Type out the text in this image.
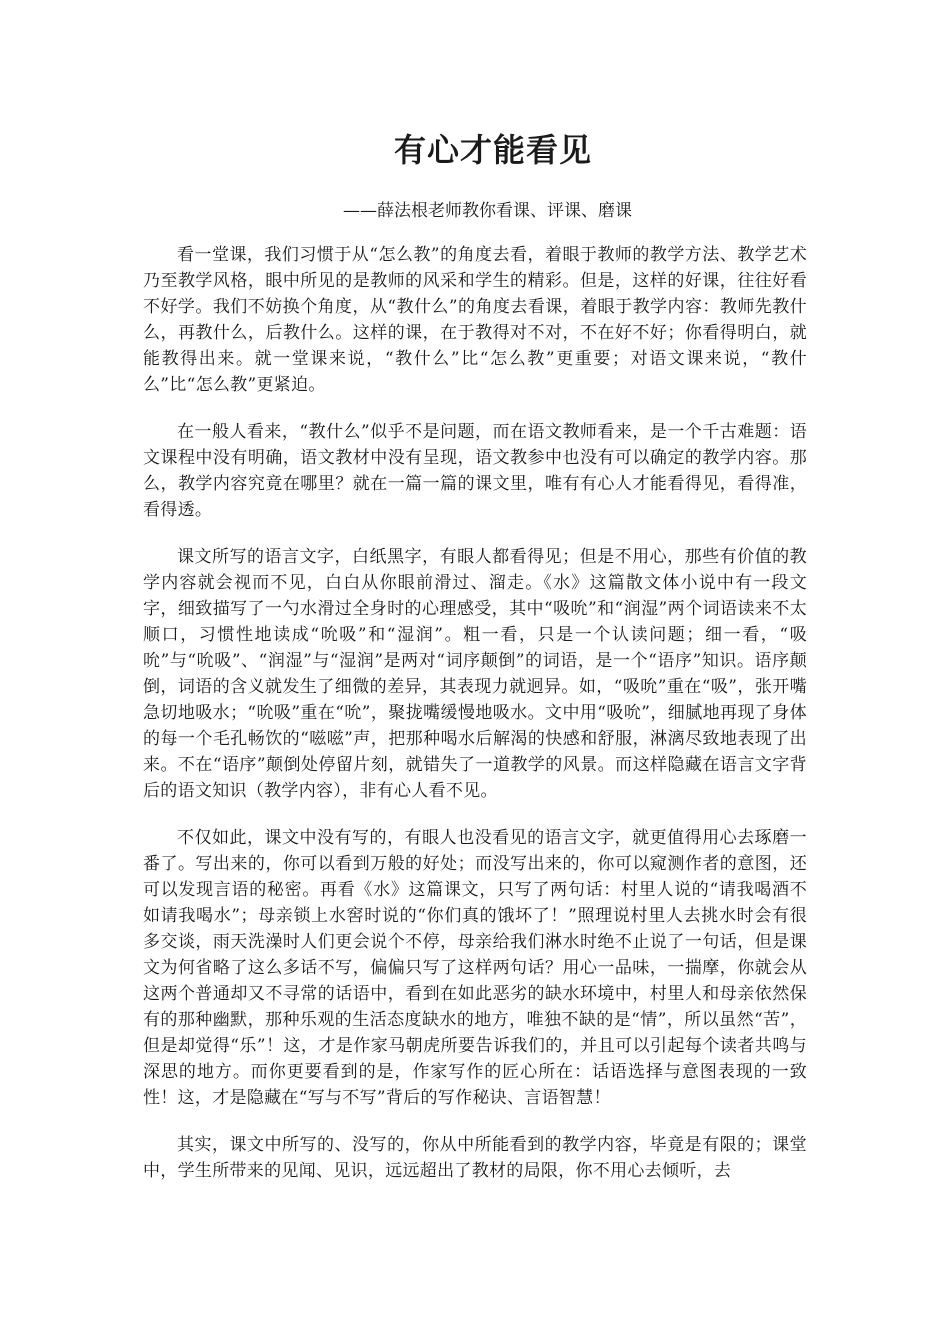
有心才能看见

——薛法根老师教你看课、评课、磨课

看一堂课，我们习惯于从“怎么教”的角度去看，着眼于教师的教学方法、教学艺术乃至教学风格，眼中所见的是教师的风采和学生的精彩。但是，这样的好课，往往好看不好学。我们不妨换个角度，从“教什么”的角度去看课，着眼于教学内容：教师先教什么，再教什么，后教什么。这样的课，在于教得对不对，不在好不好；你看得明白，就能教得出来。就一堂课来说，“教什么”比“怎么教”更重要；对语文课来说，“教什么”比“怎么教”更紧迫。

在一般人看来，“教什么”似乎不是问题，而在语文教师看来，是一个千古难题：语文课程中没有明确，语文教材中没有呈现，语文教参中也没有可以确定的教学内容。那么，教学内容究竟在哪里？就在一篇一篇的课文里，唯有有心人才能看得见，看得准，看得透。

课文所写的语言文字，白纸黑字，有眼人都看得见；但是不用心，那些有价值的教学内容就会视而不见，白白从你眼前滑过、溜走。《水》这篇散文体小说中有一段文字，细致描写了一勺水滑过全身时的心理感受，其中“吸吮”和“润湿”两个词语读来不太顺口，习惯性地读成“吮吸”和“湿润”。粗一看，只是一个认读问题；细一看，“吸吮”与“吮吸”、“润湿”与“湿润”是两对“词序颠倒”的词语，是一个“语序”知识。语序颠倒，词语的含义就发生了细微的差异，其表现力就迥异。如，“吸吮”重在“吸”，张开嘴急切地吸水；“吮吸”重在“吮”，聚拢嘴缓慢地吸水。文中用“吸吮”，细腻地再现了身体的每一个毛孔畅饮的“嗞嗞”声，把那种喝水后解渴的快感和舒服，淋漓尽致地表现了出来。不在“语序”颠倒处停留片刻，就错失了一道教学的风景。而这样隐藏在语言文字背后的语文知识（教学内容），非有心人看不见。

不仅如此，课文中没有写的，有眼人也没看见的语言文字，就更值得用心去琢磨一番了。写出来的，你可以看到万般的好处；而没写出来的，你可以窥测作者的意图，还可以发现言语的秘密。再看《水》这篇课文，只写了两句话：村里人说的“请我喝酒不如请我喝水”；母亲锁上水窖时说的“你们真的饿坏了！”照理说村里人去挑水时会有很多交谈，雨天洗澡时人们更会说个不停，母亲给我们淋水时绝不止说了一句话，但是课文为何省略了这么多话不写，偏偏只写了这样两句话？用心一品味，一揣摩，你就会从这两个普通却又不寻常的话语中，看到在如此恶劣的缺水环境中，村里人和母亲依然保有的那种幽默，那种乐观的生活态度缺水的地方，唯独不缺的是“情”，所以虽然“苦”，但是却觉得“乐”！这，才是作家马朝虎所要告诉我们的，并且可以引起每个读者共鸣与深思的地方。而你更要看到的是，作家写作的匠心所在：话语选择与意图表现的一致性！这，才是隐藏在“写与不写”背后的写作秘诀、言语智慧！

其实，课文中所写的、没写的，你从中所能看到的教学内容，毕竟是有限的；课堂中，学生所带来的见闻、见识，远远超出了教材的局限，你不用心去倾听，去
